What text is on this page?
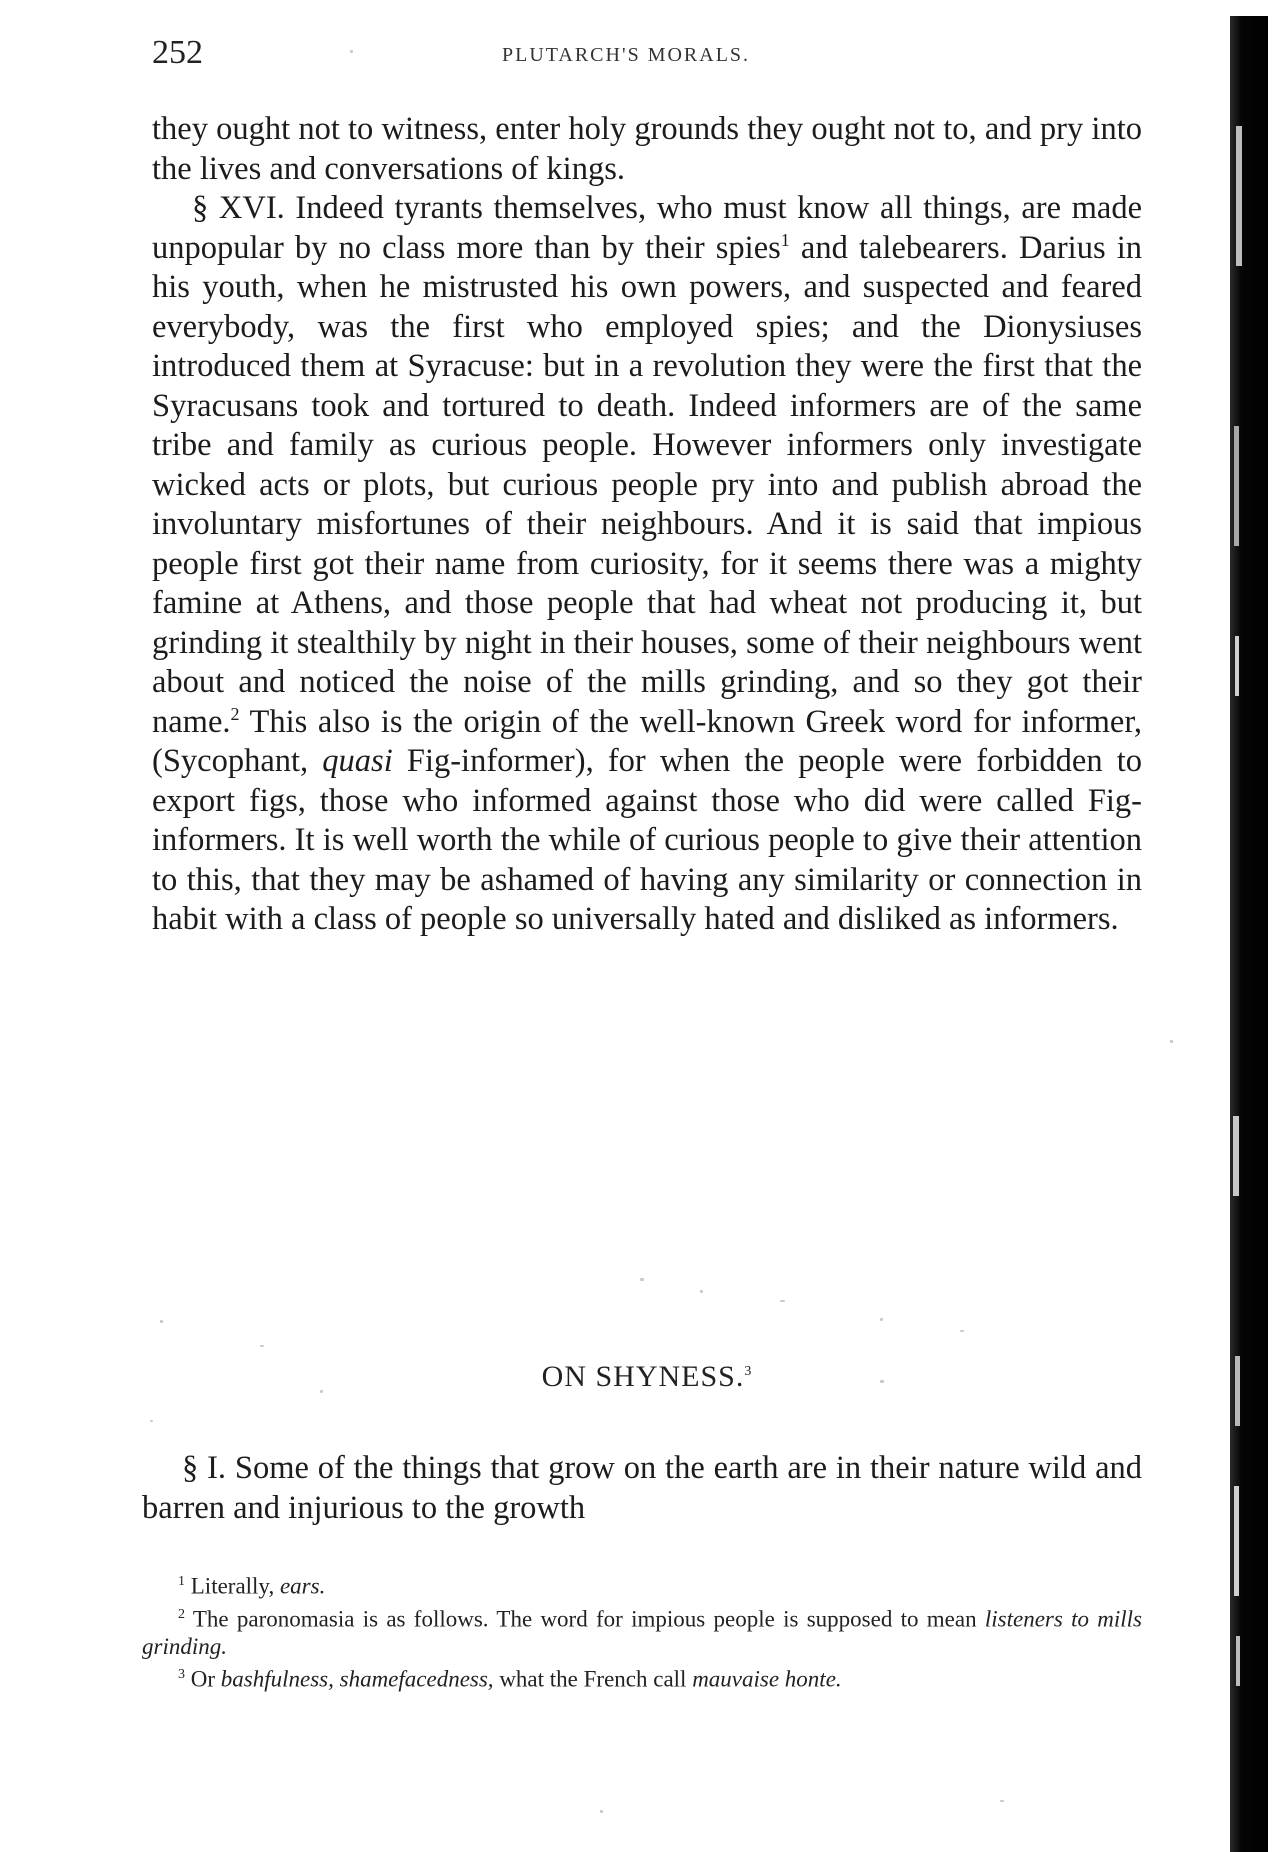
252	PLUTARCH'S MORALS.

they ought not to witness, enter holy grounds they ought not to, and pry into the lives and conversations of kings.

§ XVI. Indeed tyrants themselves, who must know all things, are made unpopular by no class more than by their spies$^1$ and talebearers. Darius in his youth, when he mistrusted his own powers, and suspected and feared everybody, was the first who employed spies; and the Dionysiuses introduced them at Syracuse: but in a revolution they were the first that the Syracusans took and tortured to death. Indeed informers are of the same tribe and family as curious people. However informers only investigate wicked acts or plots, but curious people pry into and publish abroad the involuntary misfortunes of their neighbours. And it is said that impious people first got their name from curiosity, for it seems there was a mighty famine at Athens, and those people that had wheat not producing it, but grinding it stealthily by night in their houses, some of their neighbours went about and noticed the noise of the mills grinding, and so they got their name.$^2$ This also is the origin of the well-known Greek word for informer, (Sycophant, quasi Fig-informer), for when the people were forbidden to export figs, those who informed against those who did were called Fig-informers. It is well worth the while of curious people to give their attention to this, that they may be ashamed of having any similarity or connection in habit with a class of people so universally hated and disliked as informers.

ON SHYNESS.$^3$

§ I. Some of the things that grow on the earth are in their nature wild and barren and injurious to the growth

$^1$ Literally, ears.

$^2$ The paronomasia is as follows. The word for impious people is supposed to mean listeners to mills grinding.

$^3$ Or bashfulness, shamefacedness, what the French call mauvaise honte.
